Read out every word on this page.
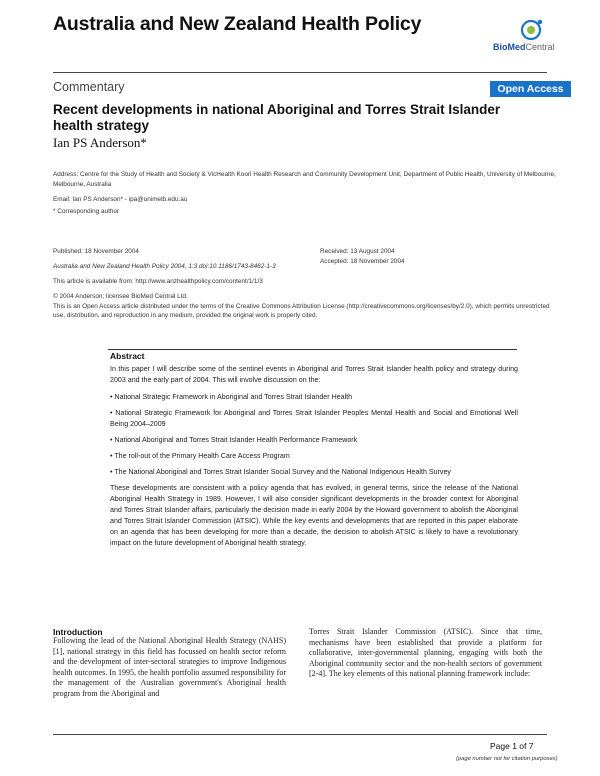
Australia and New Zealand Health Policy
BioMedCentral
Commentary	Open Access
Recent developments in national Aboriginal and Torres Strait Islander health strategy
Ian PS Anderson*
Address: Centre for the Study of Health and Society & VicHealth Koori Health Research and Community Development Unit, Department of Public Health, University of Melbourne, Melbourne, Australia
Email: Ian PS Anderson* - ipa@unimelb.edu.au
* Corresponding author
Published: 18 November 2004
Australia and New Zealand Health Policy 2004, 1:3 doi:10.1186/1743-8462-1-3
Received: 13 August 2004
Accepted: 18 November 2004
This article is available from: http://www.anzhealthpolicy.com/content/1/1/3
© 2004 Anderson; licensee BioMed Central Ltd.
This is an Open Access article distributed under the terms of the Creative Commons Attribution License (http://creativecommons.org/licenses/by/2.0), which permits unrestricted use, distribution, and reproduction in any medium, provided the original work is properly cited.
Abstract

In this paper I will describe some of the sentinel events in Aboriginal and Torres Strait Islander health policy and strategy during 2003 and the early part of 2004. This will involve discussion on the:

• National Strategic Framework in Aboriginal and Torres Strait Islander Health
• National Strategic Framework for Aboriginal and Torres Strait Islander Peoples Mental Health and Social and Emotional Well Being 2004–2009
• National Aboriginal and Torres Strait Islander Health Performance Framework
• The roll-out of the Primary Health Care Access Program
• The National Aboriginal and Torres Strait Islander Social Survey and the National Indigenous Health Survey

These developments are consistent with a policy agenda that has evolved, in general terms, since the release of the National Aboriginal Health Strategy in 1989. However, I will also consider significant developments in the broader context for Aboriginal and Torres Strait Islander affairs, particularly the decision made in early 2004 by the Howard government to abolish the Aboriginal and Torres Strait Islander Commission (ATSIC). While the key events and developments that are reported in this paper elaborate on an agenda that has been developing for more than a decade, the decision to abolish ATSIC is likely to have a revolutionary impact on the future development of Aboriginal health strategy.

Introduction
Following the lead of the National Aboriginal Health Strategy (NAHS) [1], national strategy in this field has focussed on health sector reform and the development of inter-sectoral strategies to improve Indigenous health outcomes. In 1995, the health portfolio assumed responsibility for the management of the Australian government's Aboriginal health program from the Aboriginal and
Torres Strait Islander Commission (ATSIC). Since that time, mechanisms have been established that provide a platform for collaborative, inter-governmental planning, engaging with both the Aboriginal community sector and the non-health sectors of government [2-4]. The key elements of this national planning framework include:
Page 1 of 7
(page number not for citation purposes)
